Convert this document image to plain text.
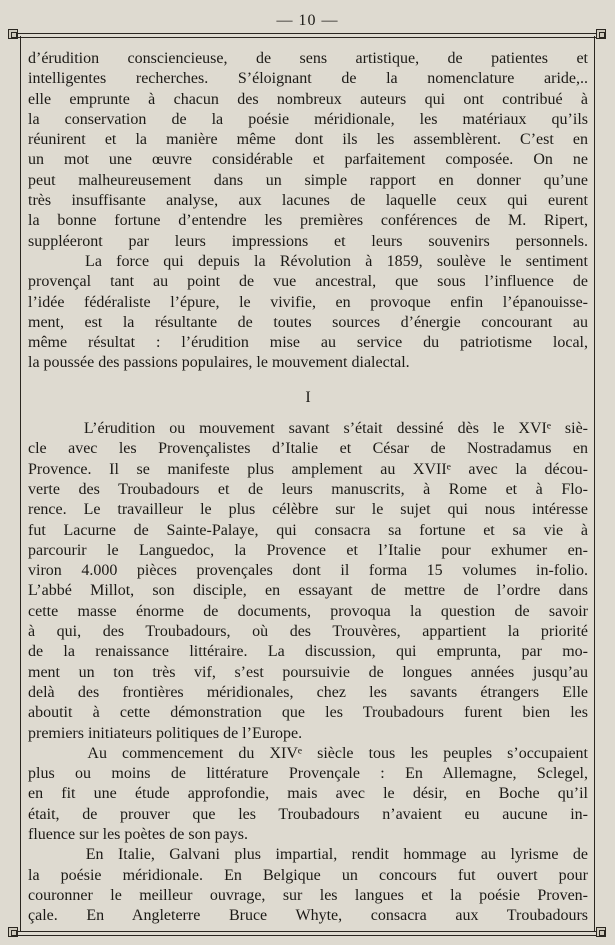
— 10 —
d’érudition consciencieuse, de sens artistique, de patientes et
intelligentes recherches. S’éloignant de la nomenclature aride,..
elle emprunte à chacun des nombreux auteurs qui ont contribué à
la conservation de la poésie méridionale, les matériaux qu’ils
réunirent et la manière même dont ils les assemblèrent. C’est en
un mot une œuvre considérable et parfaitement composée. On ne
peut malheureusement dans un simple rapport en donner qu’une
très insuffisante analyse, aux lacunes de laquelle ceux qui eurent
la bonne fortune d’entendre les premières conférences de M. Ripert,
suppléeront par leurs impressions et leurs souvenirs personnels.
La force qui depuis la Révolution à 1859, soulève le sentiment
provençal tant au point de vue ancestral, que sous l’influence de
l’idée fédéraliste l’épure, le vivifie, en provoque enfin l’épanouisse-
ment, est la résultante de toutes sources d’énergie concourant au
même résultat : l’érudition mise au service du patriotisme local,
la poussée des passions populaires, le mouvement dialectal.
I
L’érudition ou mouvement savant s’était dessiné dès le XVIᵉ siè-
cle avec les Provençalistes d’Italie et César de Nostradamus en
Provence. Il se manifeste plus amplement au XVIIᵉ avec la décou-
verte des Troubadours et de leurs manuscrits, à Rome et à Flo-
rence. Le travailleur le plus célèbre sur le sujet qui nous intéresse
fut Lacurne de Sainte-Palaye, qui consacra sa fortune et sa vie à
parcourir le Languedoc, la Provence et l’Italie pour exhumer en-
viron 4.000 pièces provençales dont il forma 15 volumes in-folio.
L’abbé Millot, son disciple, en essayant de mettre de l’ordre dans
cette masse énorme de documents, provoqua la question de savoir
à qui, des Troubadours, où des Trouvères, appartient la priorité
de la renaissance littéraire. La discussion, qui emprunta, par mo-
ment un ton très vif, s’est poursuivie de longues années jusqu’au
delà des frontières méridionales, chez les savants étrangers Elle
aboutit à cette démonstration que les Troubadours furent bien les
premiers initiateurs politiques de l’Europe.
Au commencement du XIVᵉ siècle tous les peuples s’occupaient
plus ou moins de littérature Provençale : En Allemagne, Sclegel,
en fit une étude approfondie, mais avec le désir, en Boche qu’il
était, de prouver que les Troubadours n’avaient eu aucune in-
fluence sur les poètes de son pays.
En Italie, Galvani plus impartial, rendit hommage au lyrisme de
la poésie méridionale. En Belgique un concours fut ouvert pour
couronner le meilleur ouvrage, sur les langues et la poésie Proven-
çale. En Angleterre Bruce Whyte, consacra aux Troubadours
